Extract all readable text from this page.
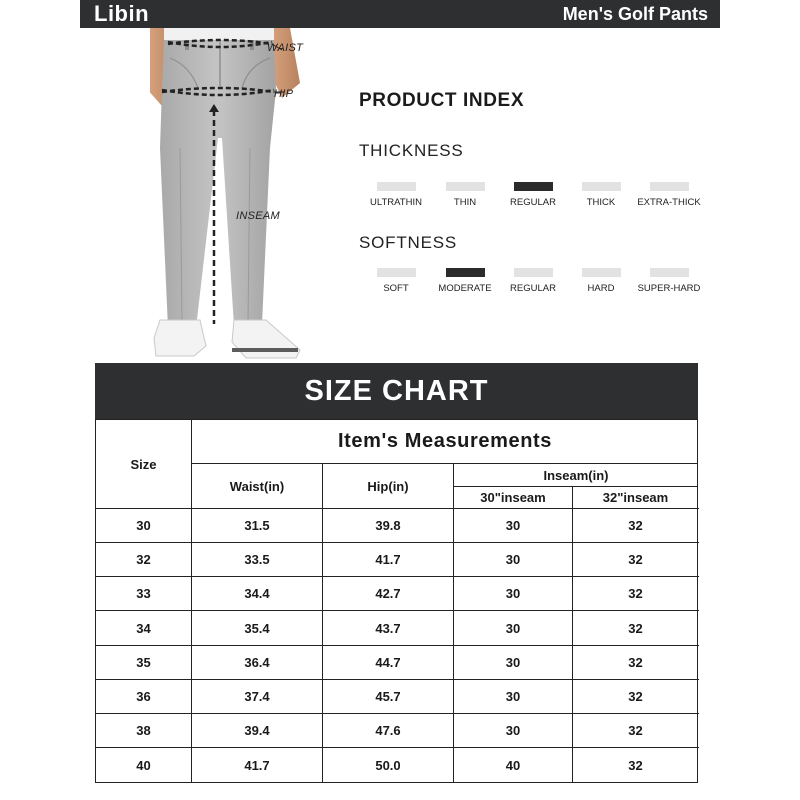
Libin	Men's Golf Pants
WAIST
HIP
INSEAM
PRODUCT INDEX
THICKNESS
ULTRATHIN	THIN	REGULAR	THICK	EXTRA-THICK
SOFTNESS
SOFT	MODERATE	REGULAR	HARD	SUPER-HARD
SIZE CHART
Size
Item's Measurements
Waist(in)	Hip(in)
Inseam(in)
30"inseam	32"inseam
30	31.5	39.8	30	32
32	33.5	41.7	30	32
33	34.4	42.7	30	32
34	35.4	43.7	30	32
35	36.4	44.7	30	32
36	37.4	45.7	30	32
38	39.4	47.6	30	32
40	41.7	50.0	40	32
